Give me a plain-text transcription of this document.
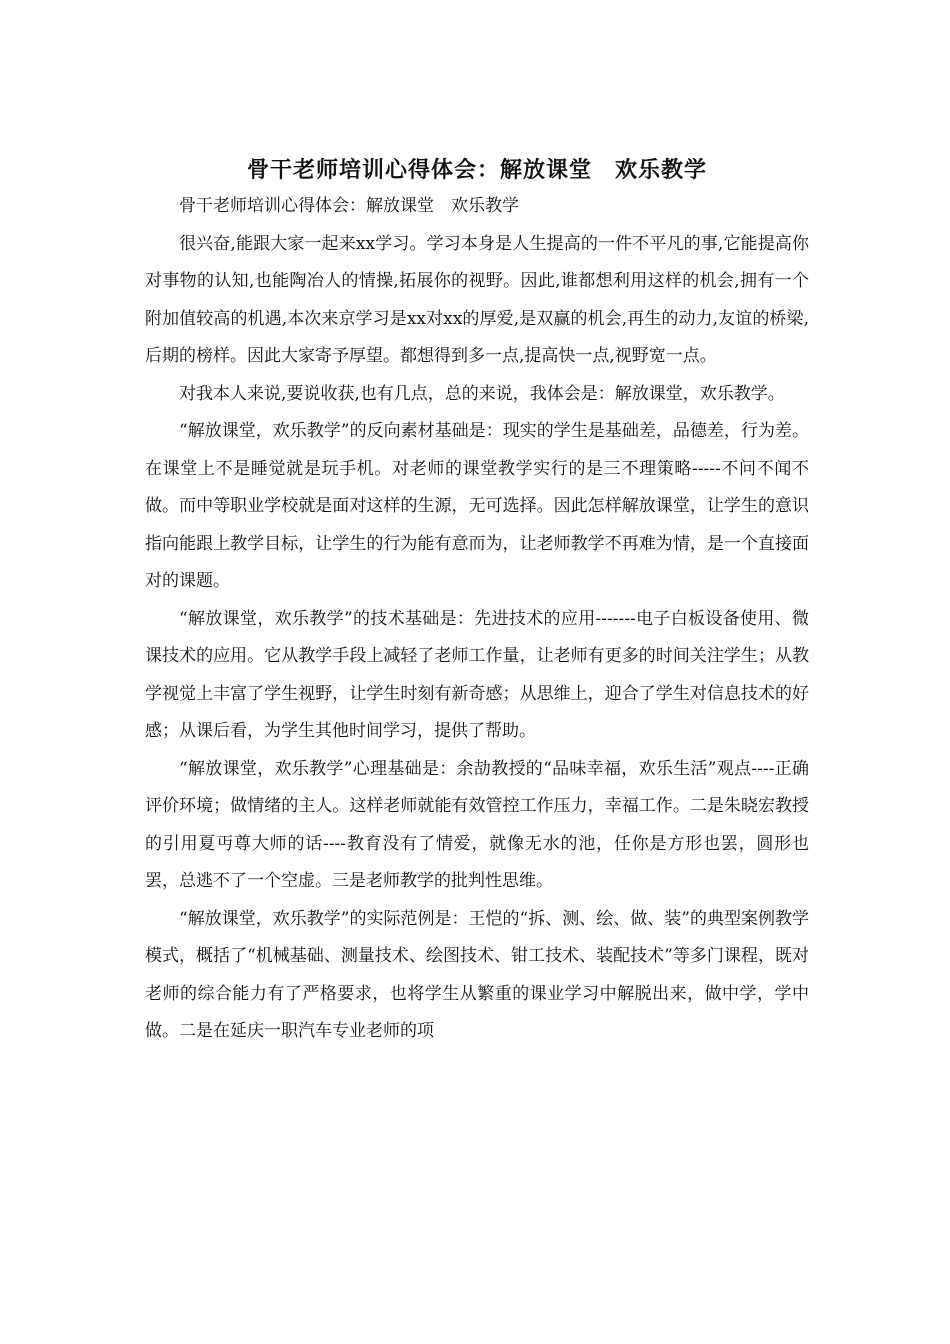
骨干老师培训心得体会：解放课堂　欢乐教学

骨干老师培训心得体会：解放课堂　欢乐教学

很兴奋,能跟大家一起来xx学习。学习本身是人生提高的一件不平凡的事,它能提高你对事物的认知,也能陶冶人的情操,拓展你的视野。因此,谁都想利用这样的机会,拥有一个附加值较高的机遇,本次来京学习是xx对xx的厚爱,是双赢的机会,再生的动力,友谊的桥梁,后期的榜样。因此大家寄予厚望。都想得到多一点,提高快一点,视野宽一点。

对我本人来说,要说收获,也有几点，总的来说，我体会是：解放课堂，欢乐教学。

“解放课堂，欢乐教学”的反向素材基础是：现实的学生是基础差，品德差，行为差。在课堂上不是睡觉就是玩手机。对老师的课堂教学实行的是三不理策略-----不问不闻不做。而中等职业学校就是面对这样的生源，无可选择。因此怎样解放课堂，让学生的意识指向能跟上教学目标，让学生的行为能有意而为，让老师教学不再难为情，是一个直接面对的课题。

“解放课堂，欢乐教学”的技术基础是：先进技术的应用-------电子白板设备使用、微课技术的应用。它从教学手段上减轻了老师工作量，让老师有更多的时间关注学生；从教学视觉上丰富了学生视野，让学生时刻有新奇感；从思维上，迎合了学生对信息技术的好感；从课后看，为学生其他时间学习，提供了帮助。

“解放课堂，欢乐教学”心理基础是：余劼教授的“品味幸福，欢乐生活”观点----正确评价环境；做情绪的主人。这样老师就能有效管控工作压力，幸福工作。二是朱晓宏教授的引用夏丏尊大师的话----教育没有了情爱，就像无水的池，任你是方形也罢，圆形也罢，总逃不了一个空虚。三是老师教学的批判性思维。

“解放课堂，欢乐教学”的实际范例是：王恺的“拆、测、绘、做、装”的典型案例教学模式，概括了“机械基础、测量技术、绘图技术、钳工技术、装配技术”等多门课程，既对老师的综合能力有了严格要求，也将学生从繁重的课业学习中解脱出来，做中学，学中做。二是在延庆一职汽车专业老师的项
